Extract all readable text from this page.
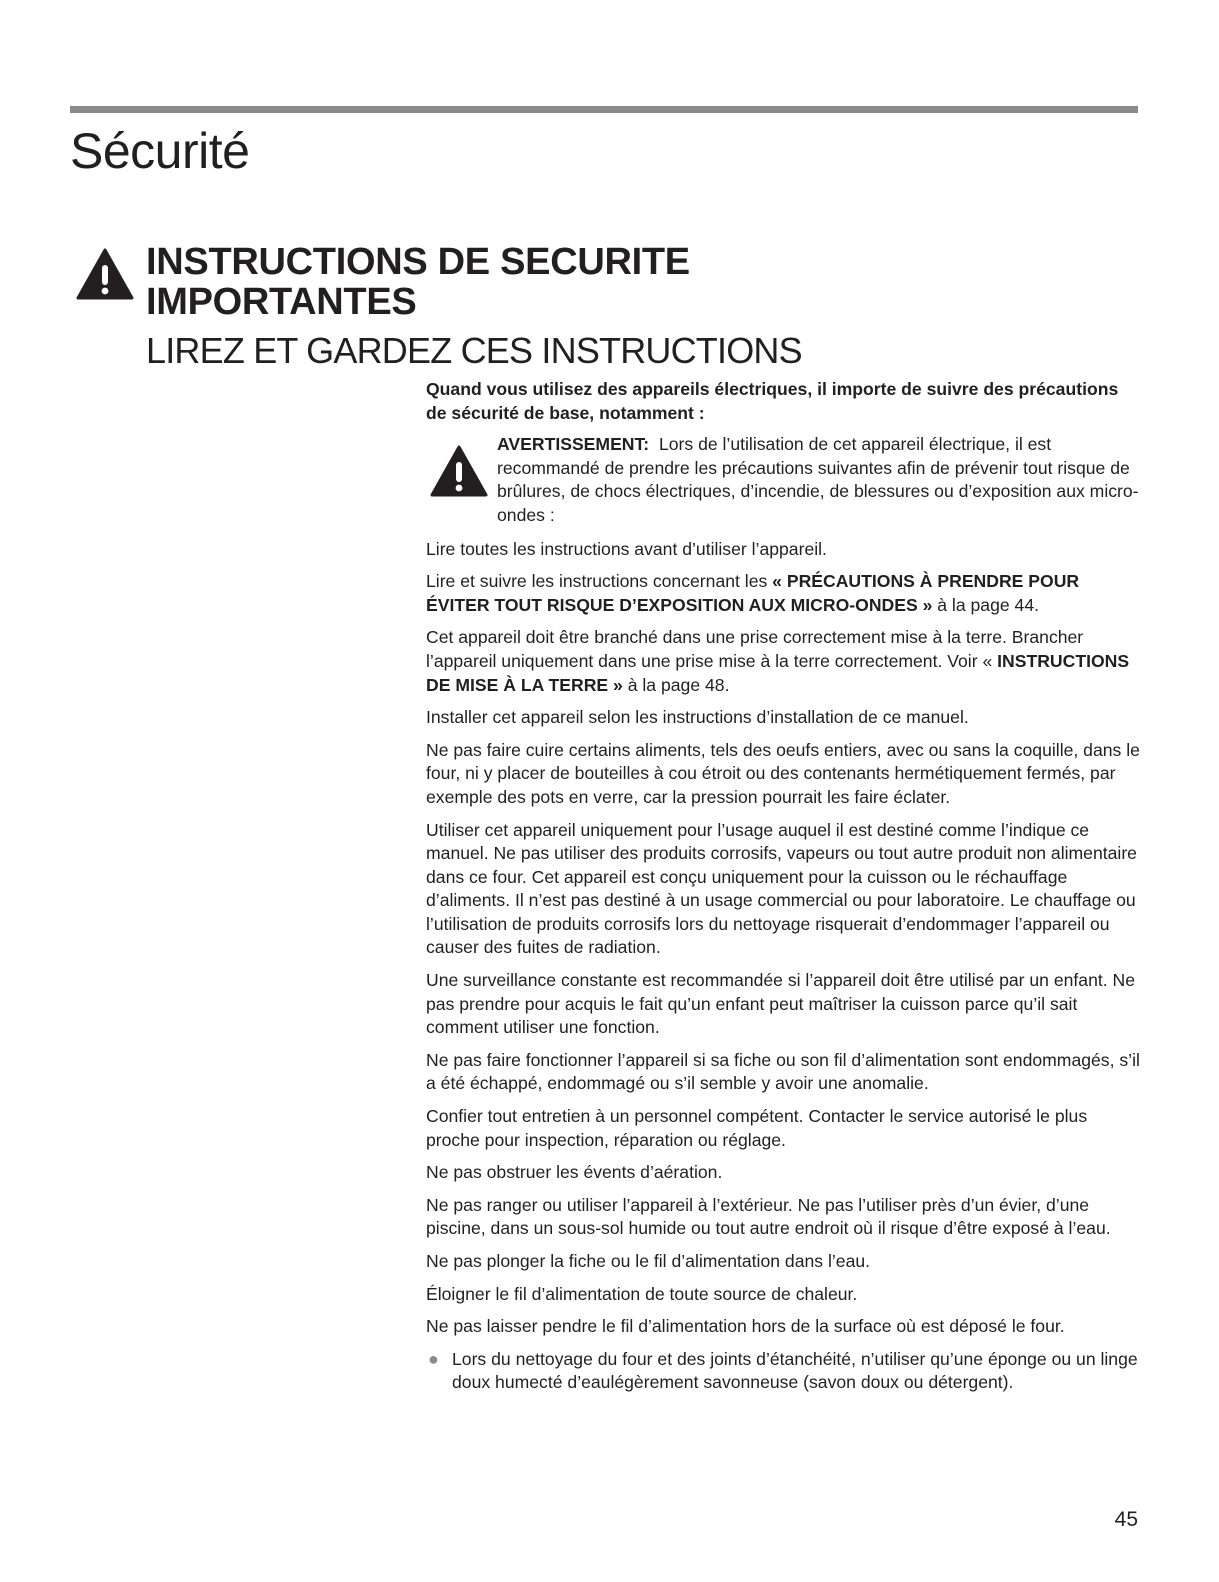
Sécurité
INSTRUCTIONS DE SECURITE
IMPORTANTES
LIREZ ET GARDEZ CES INSTRUCTIONS

Quand vous utilisez des appareils électriques, il importe de suivre des précautions de sécurité de base, notamment :

AVERTISSEMENT: Lors de l’utilisation de cet appareil électrique, il est recommandé de prendre les précautions suivantes afin de prévenir tout risque de brûlures, de chocs électriques, d’incendie, de blessures ou d’exposition aux micro-ondes :

Lire toutes les instructions avant d’utiliser l’appareil.

Lire et suivre les instructions concernant les « PRÉCAUTIONS À PRENDRE POUR ÉVITER TOUT RISQUE D’EXPOSITION AUX MICRO-ONDES » à la page 44.

Cet appareil doit être branché dans une prise correctement mise à la terre. Brancher l’appareil uniquement dans une prise mise à la terre correctement. Voir « INSTRUCTIONS DE MISE À LA TERRE » à la page 48.

Installer cet appareil selon les instructions d’installation de ce manuel.

Ne pas faire cuire certains aliments, tels des oeufs entiers, avec ou sans la coquille, dans le four, ni y placer de bouteilles à cou étroit ou des contenants hermétiquement fermés, par exemple des pots en verre, car la pression pourrait les faire éclater.

Utiliser cet appareil uniquement pour l’usage auquel il est destiné comme l’indique ce manuel. Ne pas utiliser des produits corrosifs, vapeurs ou tout autre produit non alimentaire dans ce four. Cet appareil est conçu uniquement pour la cuisson ou le réchauffage d’aliments. Il n’est pas destiné à un usage commercial ou pour laboratoire. Le chauffage ou l’utilisation de produits corrosifs lors du nettoyage risquerait d’endommager l’appareil ou causer des fuites de radiation.

Une surveillance constante est recommandée si l’appareil doit être utilisé par un enfant. Ne pas prendre pour acquis le fait qu’un enfant peut maîtriser la cuisson parce qu’il sait comment utiliser une fonction.

Ne pas faire fonctionner l’appareil si sa fiche ou son fil d’alimentation sont endommagés, s’il a été échappé, endommagé ou s’il semble y avoir une anomalie.

Confier tout entretien à un personnel compétent. Contacter le service autorisé le plus proche pour inspection, réparation ou réglage.

Ne pas obstruer les évents d’aération.

Ne pas ranger ou utiliser l’appareil à l’extérieur. Ne pas l’utiliser près d’un évier, d’une piscine, dans un sous-sol humide ou tout autre endroit où il risque d’être exposé à l’eau.

Ne pas plonger la fiche ou le fil d’alimentation dans l’eau.

Éloigner le fil d’alimentation de toute source de chaleur.

Ne pas laisser pendre le fil d’alimentation hors de la surface où est déposé le four.

● Lors du nettoyage du four et des joints d’étanchéité, n’utiliser qu’une éponge ou un linge doux humecté d’eaulégèrement savonneuse (savon doux ou détergent).

45
